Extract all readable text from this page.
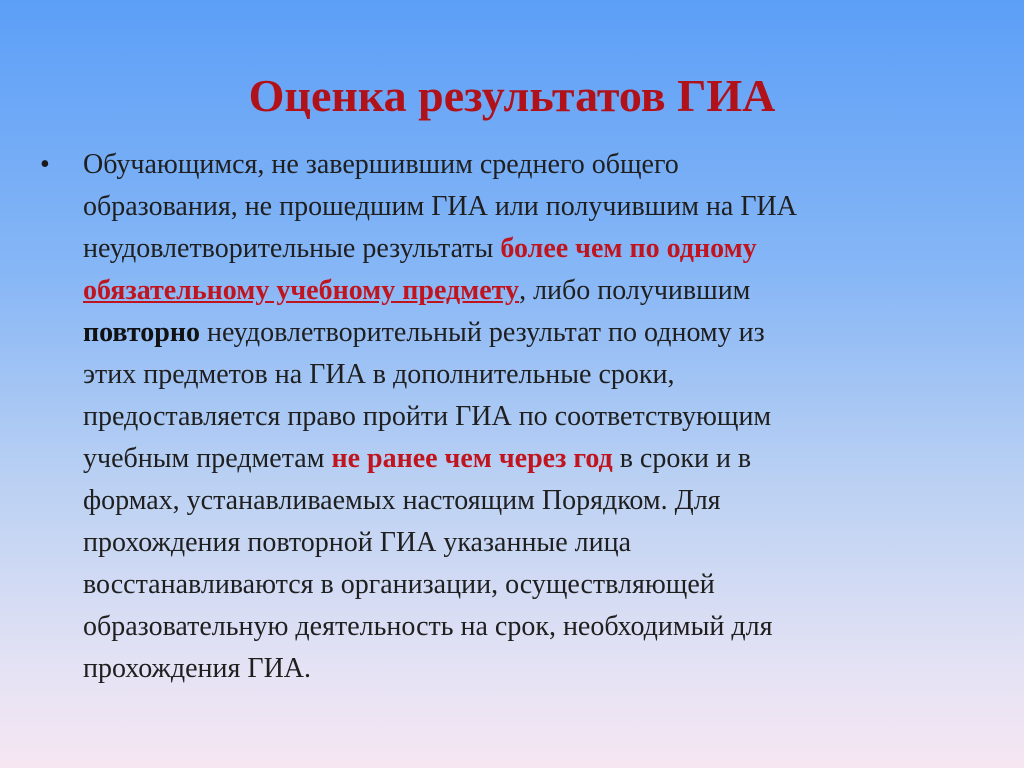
Оценка результатов ГИА
• Обучающимся, не завершившим среднего общего
образования, не прошедшим ГИА или получившим на ГИА
неудовлетворительные результаты более чем по одному
обязательному учебному предмету, либо получившим
повторно неудовлетворительный результат по одному из
этих предметов на ГИА в дополнительные сроки,
предоставляется право пройти ГИА по соответствующим
учебным предметам не ранее чем через год в сроки и в
формах, устанавливаемых настоящим Порядком. Для
прохождения повторной ГИА указанные лица
восстанавливаются в организации, осуществляющей
образовательную деятельность на срок, необходимый для
прохождения ГИА.
